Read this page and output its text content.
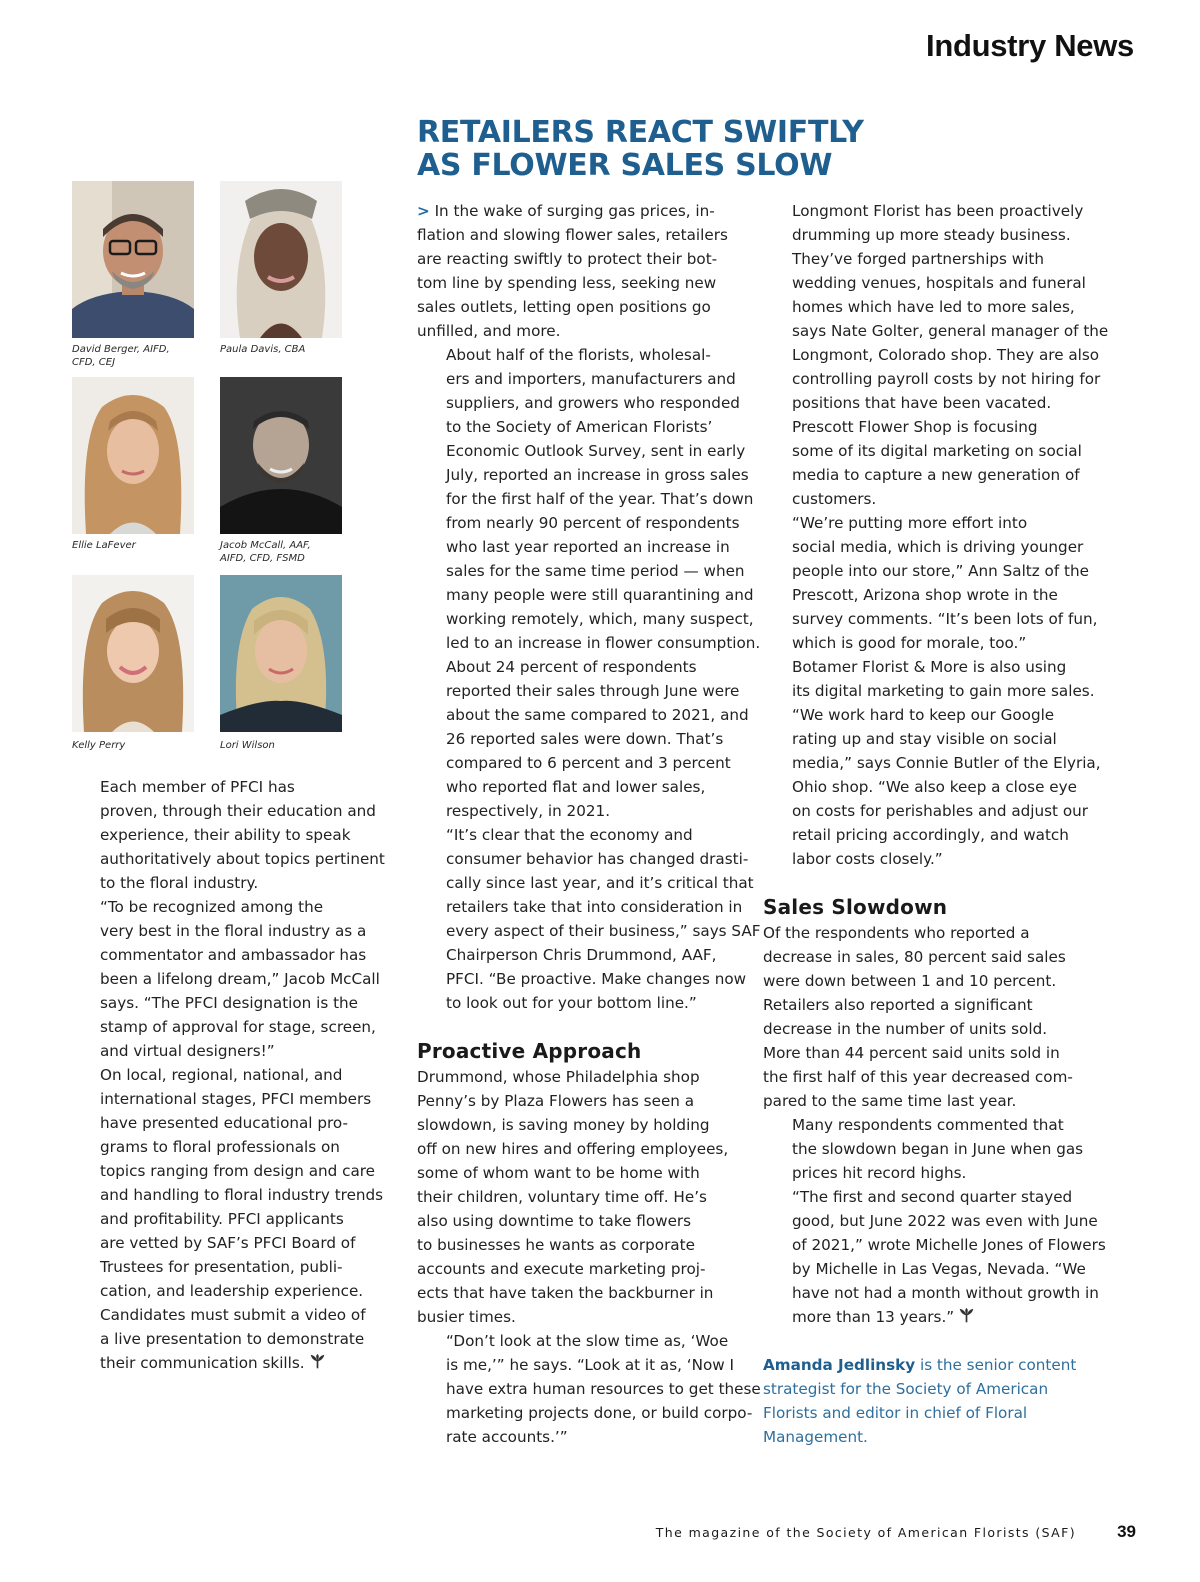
Industry News
RETAILERS REACT SWIFTLY
AS FLOWER SALES SLOW
David Berger, AIFD,
CFD, CEJ
Paula Davis, CBA
Ellie LaFever	Jacob McCall, AAF,
AIFD, CFD, FSMD
Kelly Perry	Lori Wilson

Each member of PFCI has
proven, through their education and
experience, their ability to speak
authoritatively about topics pertinent
to the floral industry.

“To be recognized among the
very best in the floral industry as a
commentator and ambassador has
been a lifelong dream,” Jacob McCall
says. “The PFCI designation is the
stamp of approval for stage, screen,
and virtual designers!”

On local, regional, national, and
international stages, PFCI members
have presented educational pro-
grams to floral professionals on
topics ranging from design and care
and handling to floral industry trends
and profitability. PFCI applicants
are vetted by SAF’s PFCI Board of
Trustees for presentation, publi-
cation, and leadership experience.
Candidates must submit a video of
a live presentation to demonstrate
their communication skills.

> In the wake of surging gas prices, in-
flation and slowing flower sales, retailers
are reacting swiftly to protect their bot-
tom line by spending less, seeking new
sales outlets, letting open positions go
unfilled, and more.

About half of the florists, wholesal-
ers and importers, manufacturers and
suppliers, and growers who responded
to the Society of American Florists’
Economic Outlook Survey, sent in early
July, reported an increase in gross sales
for the first half of the year. That’s down
from nearly 90 percent of respondents
who last year reported an increase in
sales for the same time period — when
many people were still quarantining and
working remotely, which, many suspect,
led to an increase in flower consumption.

About 24 percent of respondents
reported their sales through June were
about the same compared to 2021, and
26 reported sales were down. That’s
compared to 6 percent and 3 percent
who reported flat and lower sales,
respectively, in 2021.

“It’s clear that the economy and
consumer behavior has changed drasti-
cally since last year, and it’s critical that
retailers take that into consideration in
every aspect of their business,” says SAF
Chairperson Chris Drummond, AAF,
PFCI. “Be proactive. Make changes now
to look out for your bottom line.”

Proactive Approach

Drummond, whose Philadelphia shop
Penny’s by Plaza Flowers has seen a
slowdown, is saving money by holding
off on new hires and offering employees,
some of whom want to be home with
their children, voluntary time off. He’s
also using downtime to take flowers
to businesses he wants as corporate
accounts and execute marketing proj-
ects that have taken the backburner in
busier times.

“Don’t look at the slow time as, ‘Woe
is me,’” he says. “Look at it as, ‘Now I
have extra human resources to get these
marketing projects done, or build corpo-
rate accounts.’”

Longmont Florist has been proactively
drumming up more steady business.
They’ve forged partnerships with
wedding venues, hospitals and funeral
homes which have led to more sales,
says Nate Golter, general manager of the
Longmont, Colorado shop. They are also
controlling payroll costs by not hiring for
positions that have been vacated.

Prescott Flower Shop is focusing
some of its digital marketing on social
media to capture a new generation of
customers.

“We’re putting more effort into
social media, which is driving younger
people into our store,” Ann Saltz of the
Prescott, Arizona shop wrote in the
survey comments. “It’s been lots of fun,
which is good for morale, too.”

Botamer Florist & More is also using
its digital marketing to gain more sales.

“We work hard to keep our Google
rating up and stay visible on social
media,” says Connie Butler of the Elyria,
Ohio shop. “We also keep a close eye
on costs for perishables and adjust our
retail pricing accordingly, and watch
labor costs closely.”

Sales Slowdown

Of the respondents who reported a
decrease in sales, 80 percent said sales
were down between 1 and 10 percent.
Retailers also reported a significant
decrease in the number of units sold.
More than 44 percent said units sold in
the first half of this year decreased com-
pared to the same time last year.

Many respondents commented that
the slowdown began in June when gas
prices hit record highs.

“The first and second quarter stayed
good, but June 2022 was even with June
of 2021,” wrote Michelle Jones of Flowers
by Michelle in Las Vegas, Nevada. “We
have not had a month without growth in
more than 13 years.”

Amanda Jedlinsky is the senior content
strategist for the Society of American
Florists and editor in chief of Floral
Management.

The magazine of the Society of American Florists (SAF) 39
